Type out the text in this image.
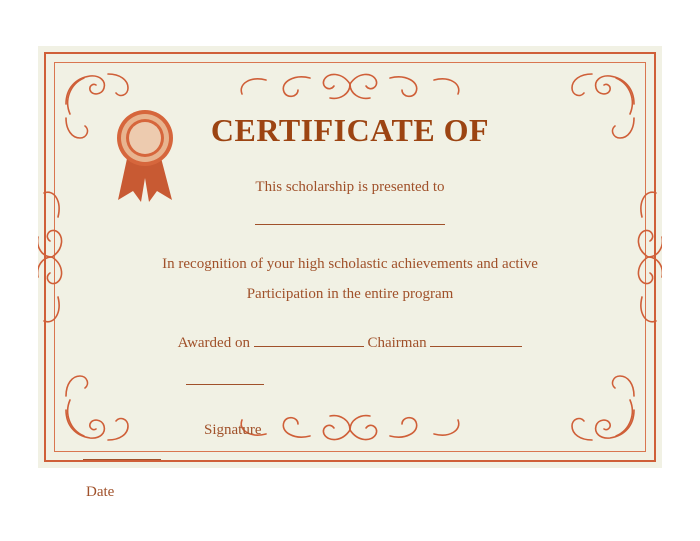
CERTIFICATE OF
This scholarship is presented to
In recognition of your high scholastic achievements and active
Participation in the entire program
Awarded on	Chairman
Signature
Date
